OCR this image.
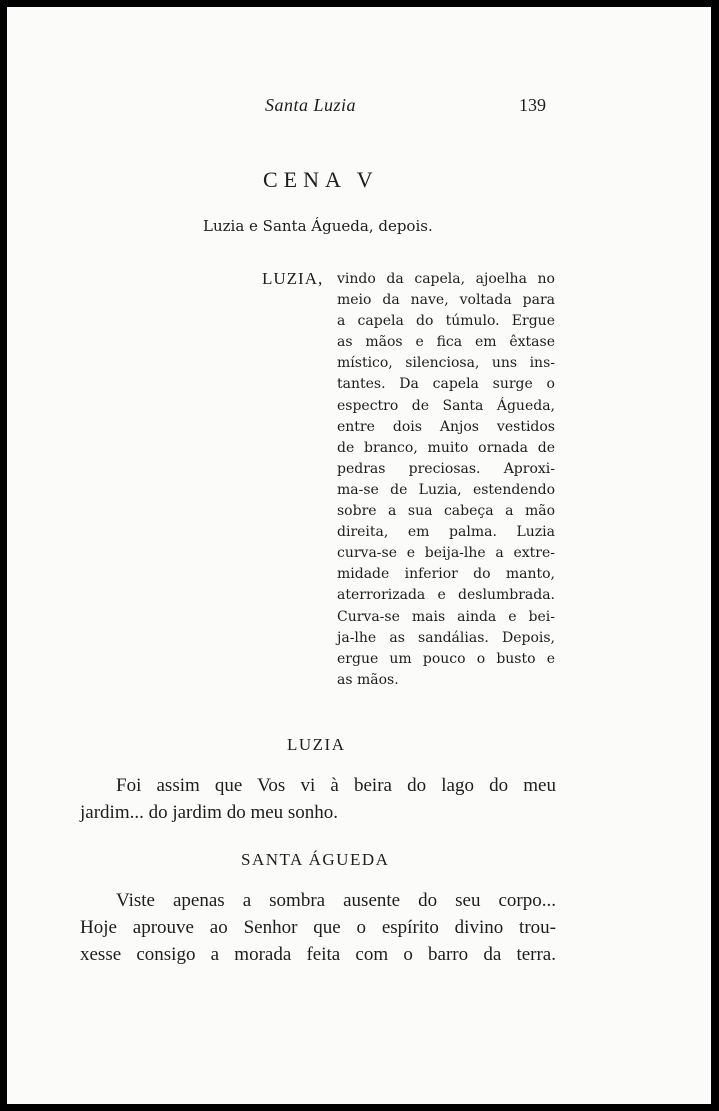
Santa Luzia	139
CENA V
Luzia e Santa Águeda, depois.
LUZIA, vindo da capela, ajoelha no
meio da nave, voltada para
a capela do túmulo. Ergue
as mãos e fica em êxtase
místico, silenciosa, uns ins-
tantes. Da capela surge o
espectro de Santa Águeda,
entre dois Anjos vestidos
de branco, muito ornada de
pedras preciosas. Aproxi-
ma-se de Luzia, estendendo
sobre a sua cabeça a mão
direita, em palma. Luzia
curva-se e beija-lhe a extre-
midade inferior do manto,
aterrorizada e deslumbrada.
Curva-se mais ainda e bei-
ja-lhe as sandálias. Depois,
ergue um pouco o busto e
as mãos.
LUZIA
Foi assim que Vos vi à beira do lago do meu
jardim... do jardim do meu sonho.
SANTA ÁGUEDA
Viste apenas a sombra ausente do seu corpo...
Hoje aprouve ao Senhor que o espírito divino trou-
xesse consigo a morada feita com o barro da terra.
